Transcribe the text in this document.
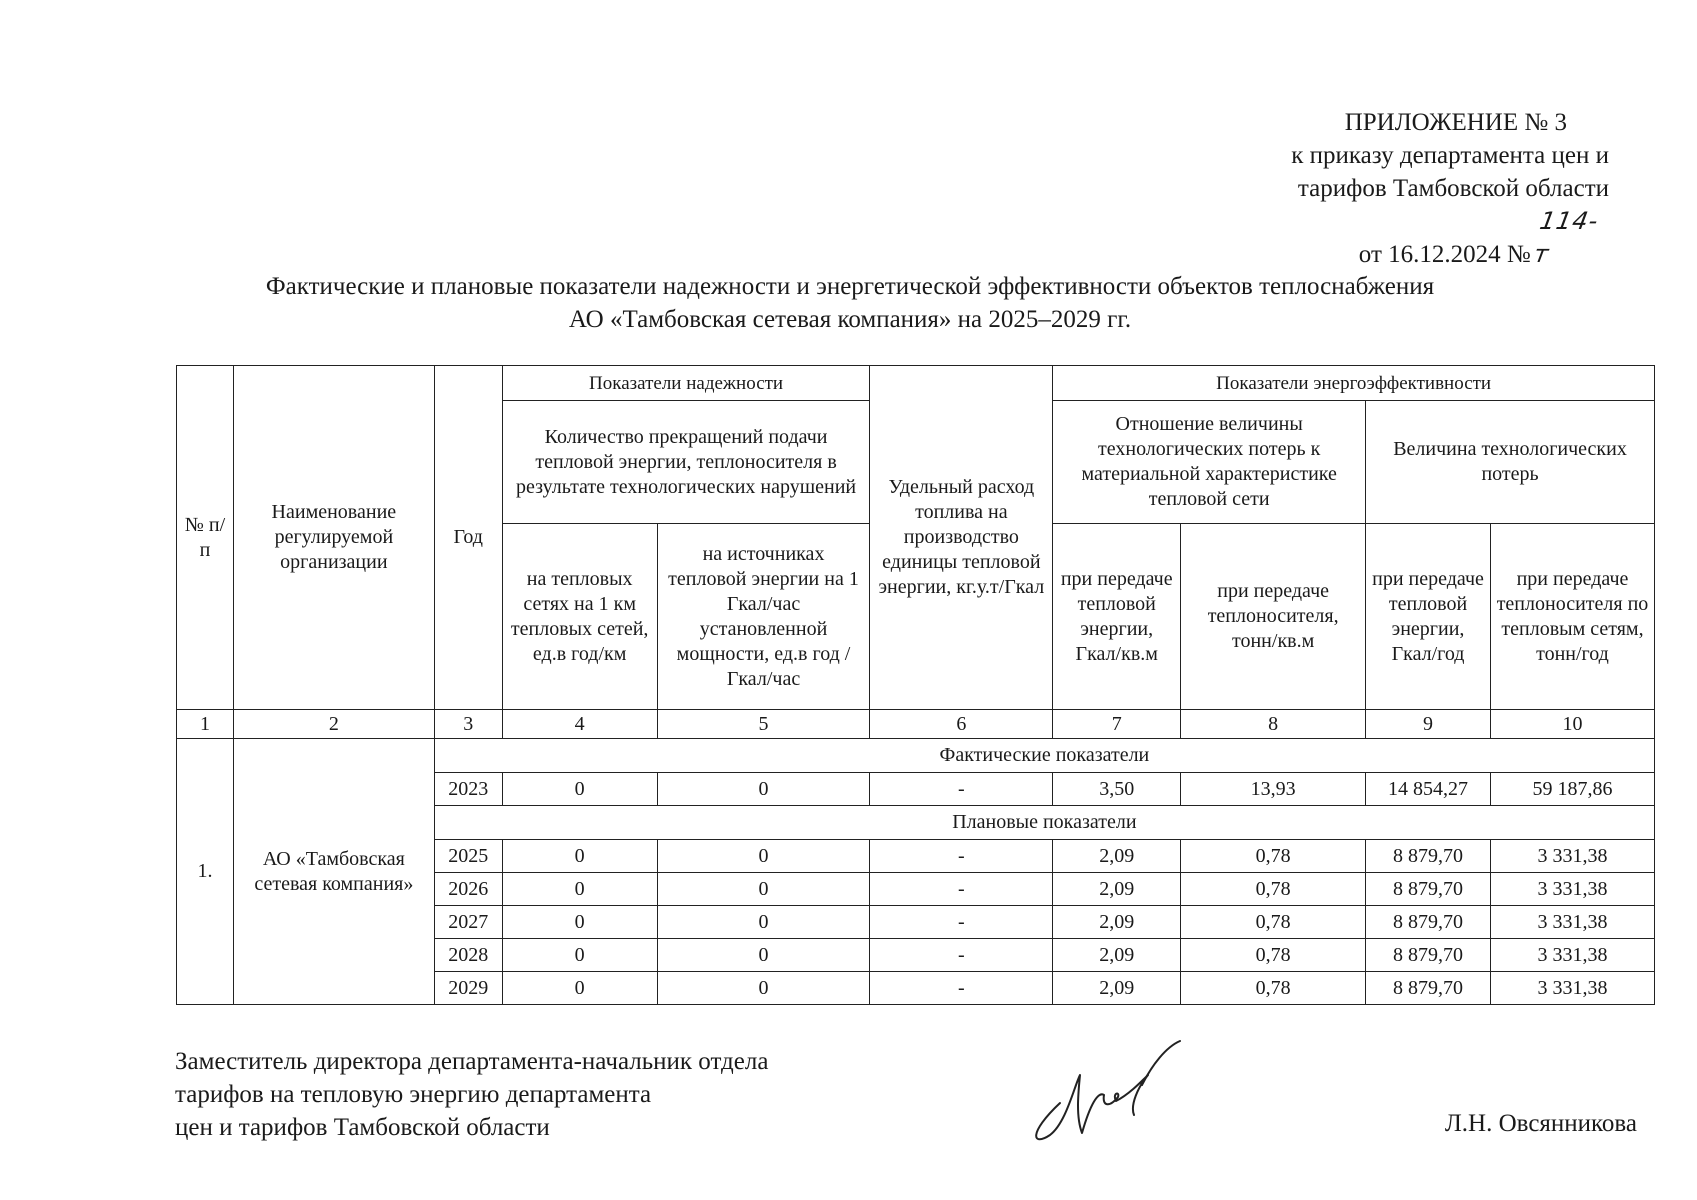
ПРИЛОЖЕНИЕ № 3
к приказу департамента цен и
тарифов Тамбовской области
от 16.12.2024 № 114-т
Фактические и плановые показатели надежности и энергетической эффективности объектов теплоснабжения
АО «Тамбовская сетевая компания» на 2025–2029 гг.
№ п/п	Наименование регулируемой организации	Год	Показатели надежности		Удельный расход топлива на производство единицы тепловой энергии, кг.у.т/Гкал	Показатели энергоэффективности			
			Количество прекращений подачи тепловой энергии, теплоносителя в результате технологических нарушений			Отношение величины технологических потерь к материальной характеристике тепловой сети		Величина технологических потерь	
			на тепловых сетях на 1 км тепловых сетей, ед.в год/км	на источниках тепловой энергии на 1 Гкал/час установленной мощности, ед.в год /Гкал/час		при передаче тепловой энергии, Гкал/кв.м	при передаче теплоносителя, тонн/кв.м	при передаче тепловой энергии, Гкал/год	при передаче теплоносителя по тепловым сетям, тонн/год
1	2	3	4	5	6	7	8	9	10
1.	АО «Тамбовская сетевая компания»	Фактические показатели							
		2023	0	0	-	3,50	13,93	14 854,27	59 187,86
		Плановые показатели							
		2025	0	0	-	2,09	0,78	8 879,70	3 331,38
		2026	0	0	-	2,09	0,78	8 879,70	3 331,38
		2027	0	0	-	2,09	0,78	8 879,70	3 331,38
		2028	0	0	-	2,09	0,78	8 879,70	3 331,38
		2029	0	0	-	2,09	0,78	8 879,70	3 331,38
Заместитель директора департамента-начальник отдела
тарифов на тепловую энергию департамента
цен и тарифов Тамбовской области	Л.Н. Овсянникова
